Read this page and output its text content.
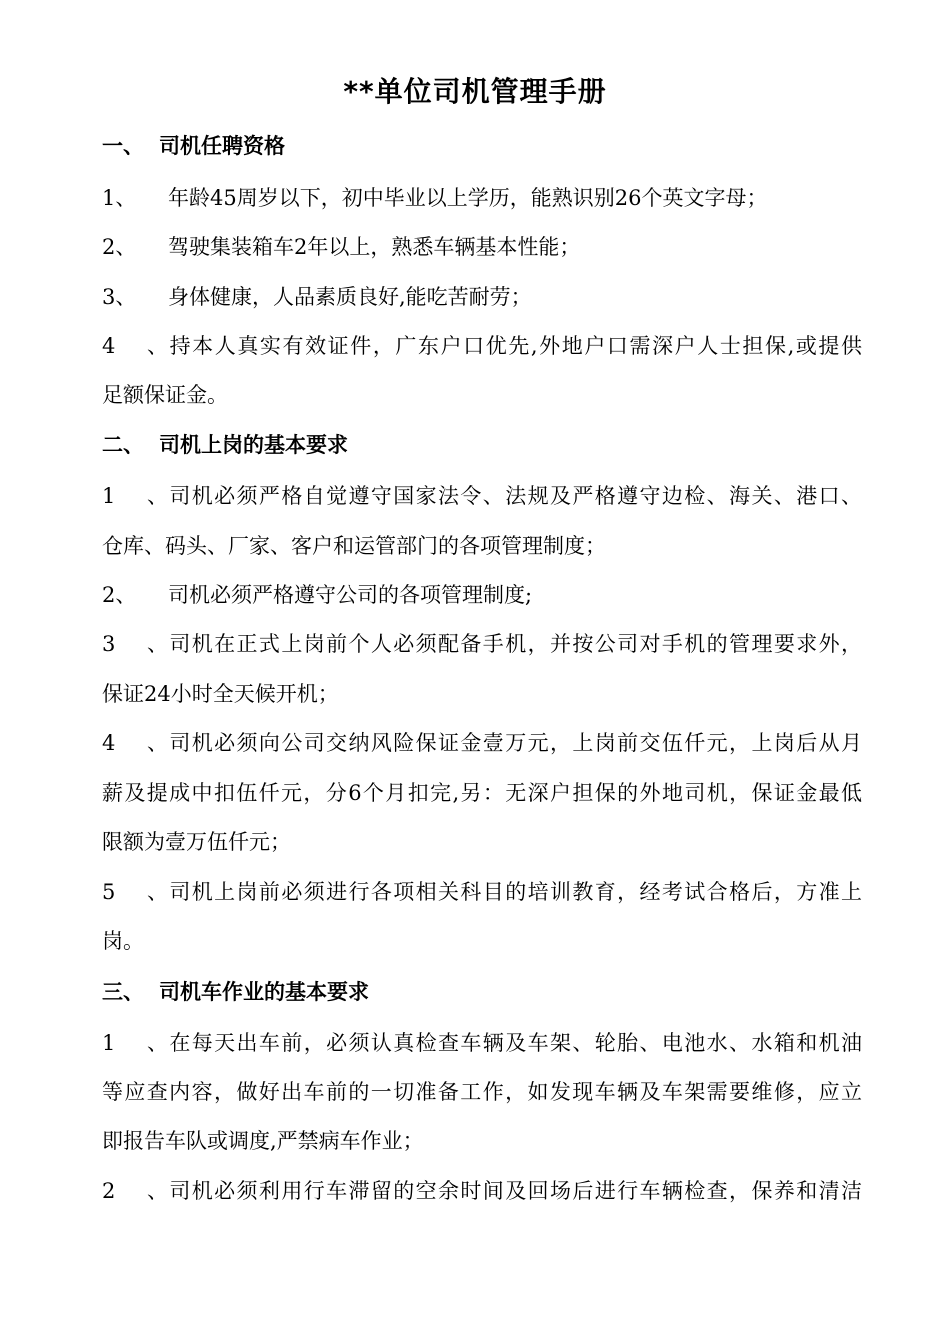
**单位司机管理手册
一、 司机任聘资格
1、 年龄45周岁以下，初中毕业以上学历，能熟识别26个英文字母；
2、 驾驶集装箱车2年以上，熟悉车辆基本性能；
3、 身体健康，人品素质良好,能吃苦耐劳；
4、持本人真实有效证件，广东户口优先,外地户口需深户人士担保,或提供
足额保证金。
二、 司机上岗的基本要求
1、司机必须严格自觉遵守国家法令、法规及严格遵守边检、海关、港口、
仓库、码头、厂家、客户和运管部门的各项管理制度；
2、 司机必须严格遵守公司的各项管理制度;
3、司机在正式上岗前个人必须配备手机，并按公司对手机的管理要求外，
保证24小时全天候开机；
4、司机必须向公司交纳风险保证金壹万元，上岗前交伍仟元，上岗后从月
薪及提成中扣伍仟元，分6个月扣完,另：无深户担保的外地司机，保证金最低
限额为壹万伍仟元；
5、司机上岗前必须进行各项相关科目的培训教育，经考试合格后，方准上
岗。
三、 司机车作业的基本要求
1、在每天出车前，必须认真检查车辆及车架、轮胎、电池水、水箱和机油
等应查内容，做好出车前的一切准备工作，如发现车辆及车架需要维修，应立
即报告车队或调度,严禁病车作业；
2、司机必须利用行车滞留的空余时间及回场后进行车辆检查，保养和清洁
